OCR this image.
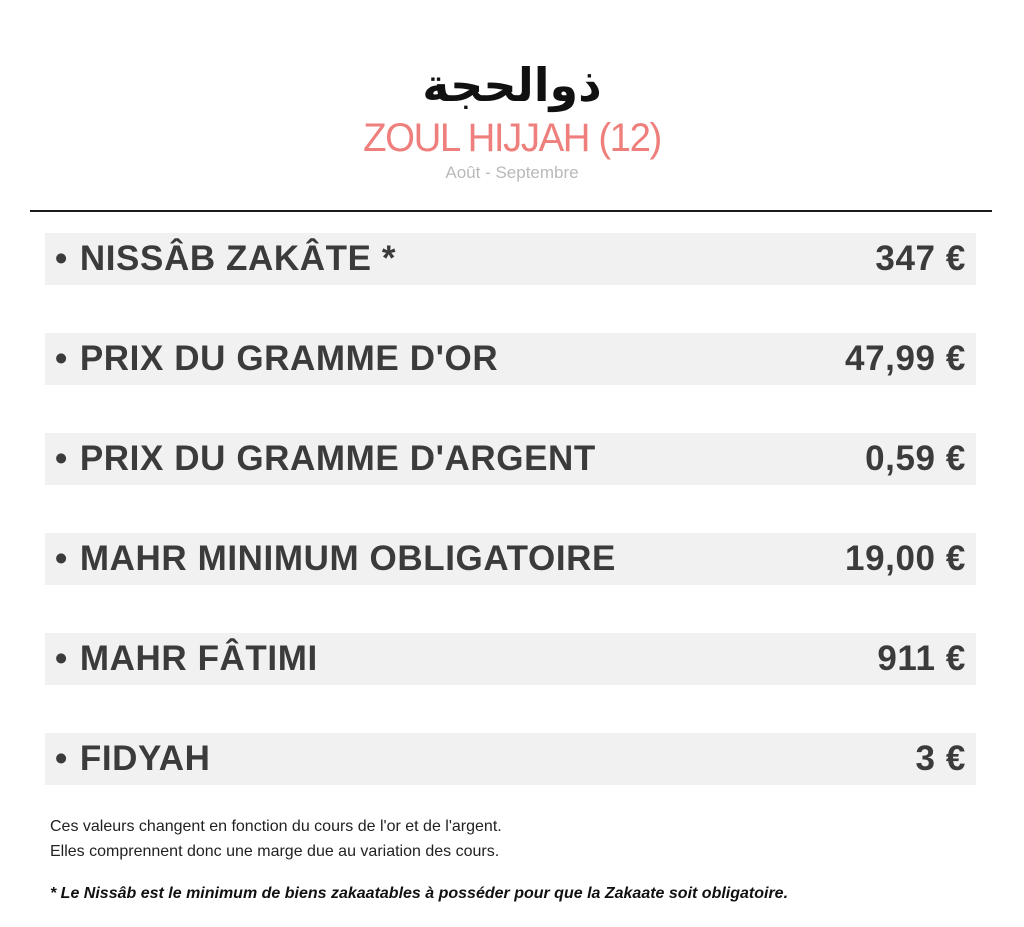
ذوالحجة
ZOUL HIJJAH (12)
Août - Septembre
• NISSÂB ZAKÂTE *	347 €
• PRIX DU GRAMME D'OR	47,99 €
• PRIX DU GRAMME D'ARGENT	0,59 €
• MAHR MINIMUM OBLIGATOIRE	19,00 €
• MAHR FÂTIMI	911 €
• FIDYAH	3 €
Ces valeurs changent en fonction du cours de l'or et de l'argent.
Elles comprennent donc une marge due au variation des cours.
* Le Nissâb est le minimum de biens zakaatables à posséder pour que la Zakaate soit obligatoire.
